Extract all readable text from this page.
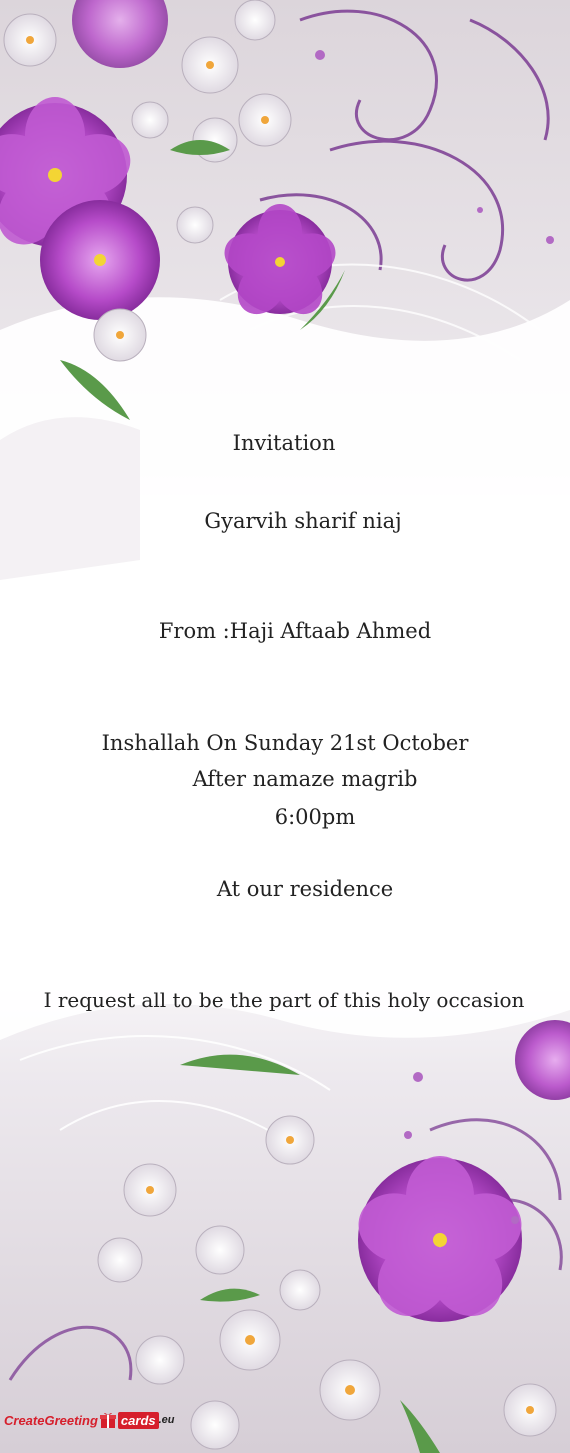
Invitation
Gyarvih sharif niaj
From :Haji Aftaab Ahmed
Inshallah On Sunday 21st October
After namaze magrib
6:00pm
At our residence
I request all to be the part of this holy occasion
CreateGreeting cards .eu
